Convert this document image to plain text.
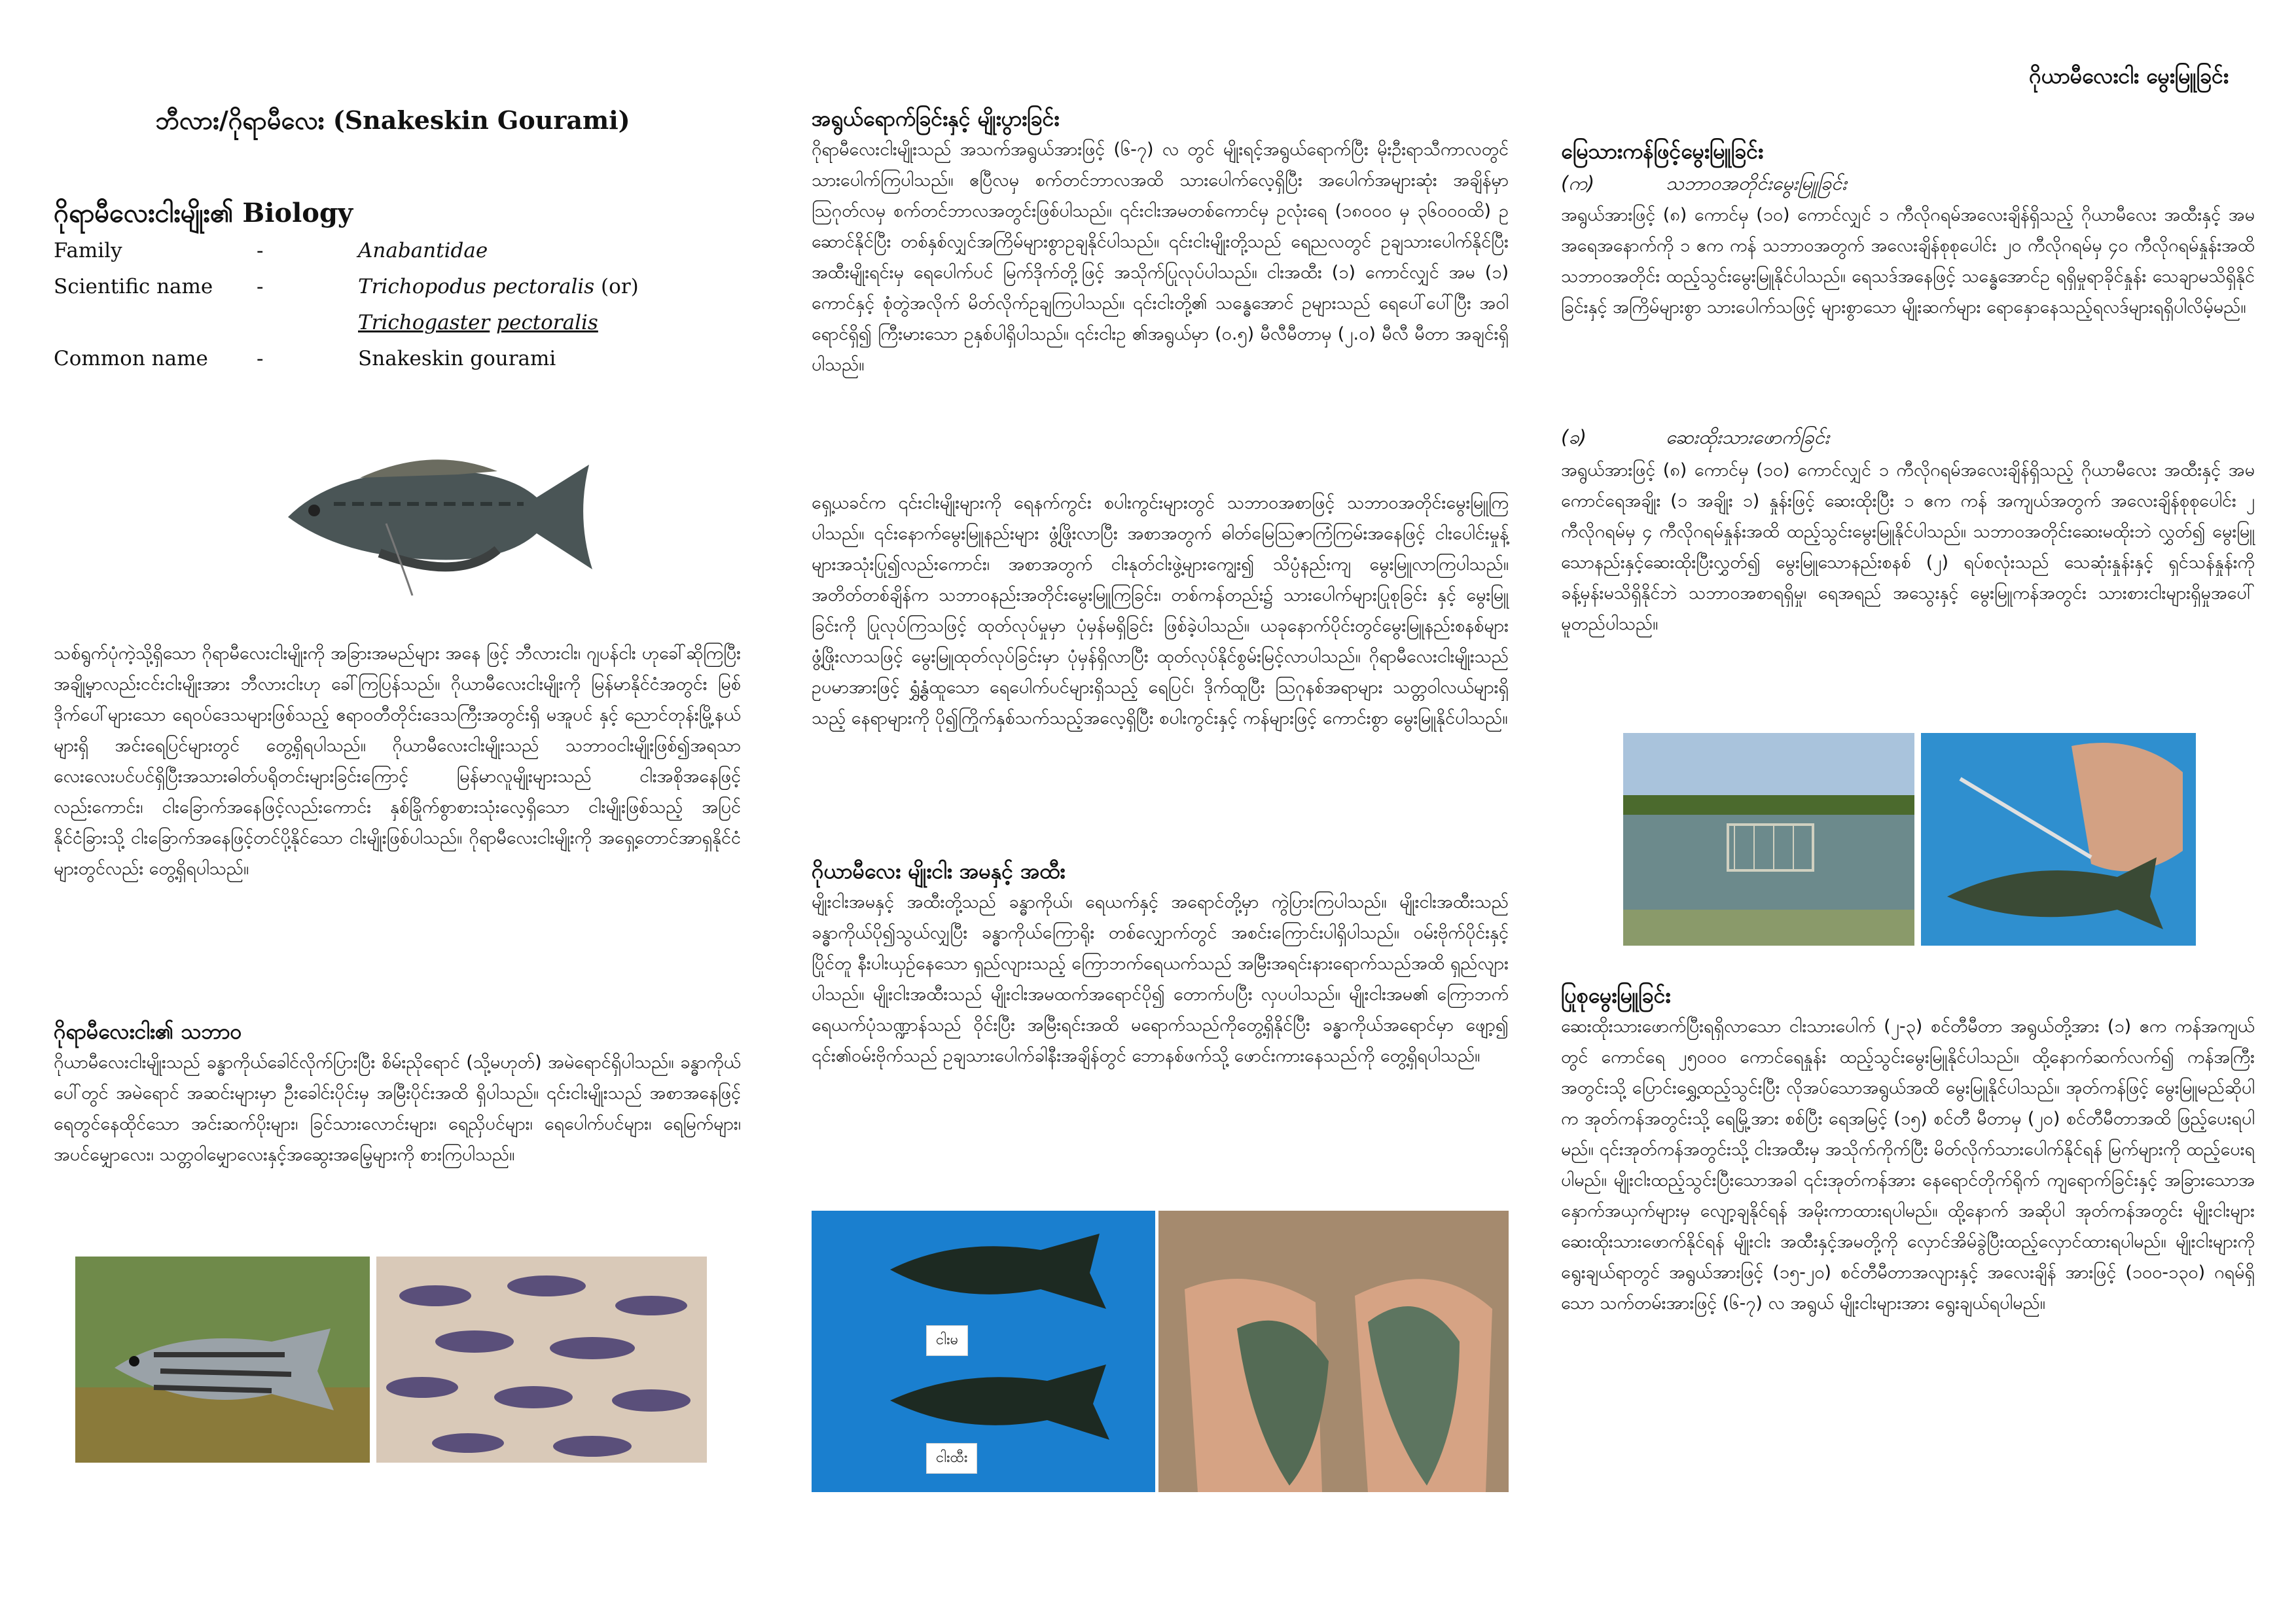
ဘီလား/ဂိုရာမီလေး (Snakeskin Gourami)
ဂိုရာမီလေးငါးမျိုး၏ Biology
Family	-	Anabantidae
Scientific name -	Trichopodus pectoralis (or)
Trichogaster pectoralis
Common name -	Snakeskin gourami

သစ်ရွက်ပုံကဲ့သို့ရှိသော ဂိုရာမီလေးငါးမျိုးကို အခြားအမည်များ အနေ ဖြင့် ဘီလားငါး၊ ဂျပန်ငါး ဟုခေါ်ဆိုကြပြီး အချို့မှာလည်းငင်းငါးမျိုးအား ဘီလားငါးဟု ခေါ်ကြပြန်သည်။ ဂိုယာမီလေးငါးမျိုးကို မြန်မာနိုင်ငံအတွင်း မြစ်ဒိုက်ပေါ်များသော ရေဝပ်ဒေသများဖြစ်သည့် ဧရာဝတီတိုင်းဒေသကြီးအတွင်းရှိ မအူပင် နှင့် ညောင်တုန်းမြို့နယ်များရှိ အင်းရေပြင်များတွင် တွေ့ရှိရပါသည်။ ဂိုယာမီလေးငါးမျိုးသည် သဘာဝငါးမျိုးဖြစ်၍အရသာလေးလေးပင်ပင်ရှိပြီးအသားဓါတ်ပရိုတင်းများခြင်းကြောင့် မြန်မာလူမျိုးများသည် ငါးအစိုအနေဖြင့်လည်းကောင်း၊ ငါးခြောက်အနေဖြင့်လည်းကောင်း နှစ်ခြိုက်စွာစားသုံးလေ့ရှိသော ငါးမျိုးဖြစ်သည့် အပြင် နိုင်ငံခြားသို့ ငါးခြောက်အနေဖြင့်တင်ပို့နိုင်သော ငါးမျိုးဖြစ်ပါသည်။ ဂိုရာမီလေးငါးမျိုးကို အရှေ့တောင်အာရှနိုင်ငံများတွင်လည်း တွေ့ရှိရပါသည်။

ဂိုရာမီလေးငါး၏ သဘာဝ

ဂိုယာမီလေးငါးမျိုးသည် ခန္ဓာကိုယ်ခေါင်လိုက်ပြားပြီး စိမ်းညိုရောင် (သို့မဟုတ်) အမဲရောင်ရှိပါသည်။ ခန္ဓာကိုယ်ပေါ်တွင် အမဲရောင် အဆင်းများမှာ ဦးခေါင်းပိုင်းမှ အမြီးပိုင်းအထိ ရှိပါသည်။ ၎င်းငါးမျိုးသည် အစာအနေဖြင့် ရေတွင်နေထိုင်သော အင်းဆက်ပိုးများ၊ ခြင်သားလောင်းများ၊ ရေညှိပင်များ၊ ရေပေါက်ပင်များ၊ ရေမြက်များ၊ အပင်မျှောလေး၊ သတ္တဝါမျှောလေးနှင့်အဆွေးအမြေ့များကို စားကြပါသည်။

အရွယ်ရောက်ခြင်းနှင့် မျိုးပွားခြင်း

ဂိုရာမီလေးငါးမျိုးသည် အသက်အရွယ်အားဖြင့် (၆-၇) လ တွင် မျိုးရင့်အရွယ်ရောက်ပြီး မိုးဦးရာသီကာလတွင် သားပေါက်ကြပါသည်။ ဧပြီလမှ စက်တင်ဘာလအထိ သားပေါက်လေ့ရှိပြီး အပေါက်အများဆုံး အချိန်မှာ ဩဂုတ်လမှ စက်တင်ဘာလအတွင်းဖြစ်ပါသည်။ ၎င်းငါးအမတစ်ကောင်မှ ဥလုံးရေ (၁၈၀၀၀ မှ ၃၆၀၀၀ထိ) ဥဆောင်နိုင်ပြီး တစ်နှစ်လျှင်အကြိမ်များစွာဥချနိုင်ပါသည်။ ၎င်းငါးမျိုးတို့သည် ရေညလတွင် ဥချသားပေါက်နိုင်ပြီး အထီးမျိုးရင်းမှ ရေပေါက်ပင် မြက်ဒိုက်တို့ဖြင့် အသိုက်ပြုလုပ်ပါသည်။ ငါးအထီး (၁) ကောင်လျှင် အမ (၁) ကောင်နှင့် စုံတွဲအလိုက် မိတ်လိုက်ဥချကြပါသည်။ ၎င်းငါးတို့၏ သန္ဓေအောင် ဥများသည် ရေပေါ်ပေါ်ပြီး အဝါရောင်ရှိ၍ ကြီးမားသော ဥနှစ်ပါရှိပါသည်။ ၎င်းငါးဥ ၏အရွယ်မှာ (၀.၅) မီလီမီတာမှ (၂.၀) မီလီ မီတာ အချင်းရှိပါသည်။

ရှေ့ယခင်က ၎င်းငါးမျိုးများကို ရေနက်ကွင်း စပါးကွင်းများတွင် သဘာဝအစာဖြင့် သဘာဝအတိုင်းမွေးမြူကြပါသည်။ ၎င်းနောက်မွေးမြူနည်းများ ဖွံ့ဖြိုးလာပြီး အစာအတွက် ဓါတ်မြေဩဇာကြံကြမ်းအနေဖြင့် ငါးပေါင်းမှုန့်များအသုံးပြု၍လည်းကောင်း၊ အစာအတွက် ငါးနုတ်ငါးဖွဲ့များကျွေး၍ သိပ္ပံနည်းကျ မွေးမြူလာကြပါသည်။ အတိတ်တစ်ချိန်က သဘာဝနည်းအတိုင်းမွေးမြူကြခြင်း၊ တစ်ကန်တည်း၌ သားပေါက်များပြုစုခြင်း နှင့် မွေးမြူခြင်းကို ပြုလုပ်ကြသဖြင့် ထုတ်လုပ်မှုမှာ ပုံမှန်မရှိခြင်း ဖြစ်ခဲ့ပါသည်။ ယခုနောက်ပိုင်းတွင်မွေးမြူနည်းစနစ်များဖွံ့ဖြိုးလာသဖြင့် မွေးမြူထုတ်လုပ်ခြင်းမှာ ပုံမှန်ရှိလာပြီး ထုတ်လုပ်နိုင်စွမ်းမြင့်လာပါသည်။ ဂိုရာမီလေးငါးမျိုးသည် ဥပမာအားဖြင့် ရွှံ့နွံထူသော ရေပေါက်ပင်များရှိသည့် ရေပြင်၊ ဒိုက်ထူပြီး သြဂုနစ်အရာများ သတ္တဝါလယ်များရှိသည့် နေရာများကို ပို၍ကြိုက်နှစ်သက်သည့်အလေ့ရှိပြီး စပါးကွင်းနှင့် ကန်များဖြင့် ကောင်းစွာ မွေးမြူနိုင်ပါသည်။

ဂိုယာမီလေး မျိုးငါး အမနှင့် အထီး

မျိုးငါးအမနှင့် အထီးတို့သည် ခန္ဓာကိုယ်၊ ရေယက်နှင့် အရောင်တို့မှာ ကွဲပြားကြပါသည်။ မျိုးငါးအထီးသည်ခန္ဓာကိုယ်ပို၍သွယ်လျှပြီး ခန္ဓာကိုယ်ကြောရိုး တစ်လျှောက်တွင် အစင်းကြောင်းပါရှိပါသည်။ ဝမ်းဗိုက်ပိုင်းနှင့် ပြိုင်တူ နီးပါးယှဉ်နေသော ရှည်လျားသည့် ကြောဘက်ရေယက်သည် အမြီးအရင်းနားရောက်သည်အထိ ရှည်လျားပါသည်။ မျိုးငါးအထီးသည် မျိုးငါးအမထက်အရောင်ပို၍ တောက်ပပြီး လှပပါသည်။ မျိုးငါးအမ၏ ကြောဘက်ရေယက်ပုံသဏ္ဍာန်သည် ဝိုင်းပြီး အမြီးရင်းအထိ မရောက်သည်ကိုတွေ့ရှိနိုင်ပြီး ခန္ဓာကိုယ်အရောင်မှာ ဖျော့၍ ၎င်း၏ဝမ်းဗိုက်သည် ဥချသားပေါက်ခါနီးအချိန်တွင် ဘောနစ်ဖက်သို့ ဖောင်းကားနေသည်ကို တွေ့ရှိရပါသည်။

ငါးမ
ငါးထီး
ဂိုယာမီလေးငါး မွေးမြူခြင်း
မြေသားကန်ဖြင့်မွေးမြူခြင်း
(က)	သဘာဝအတိုင်းမွေးမြူခြင်း

အရွယ်အားဖြင့် (၈) ကောင်မှ (၁၀) ကောင်လျှင် ၁ ကီလိုဂရမ်အလေးချိန်ရှိသည့် ဂိုယာမီလေး အထီးနှင့် အမ အရေအနောက်ကို ၁ ဧက ကန် သဘာဝအတွက် အလေးချိန်စုစုပေါင်း ၂၀ ကီလိုဂရမ်မှ ၄၀ ကီလိုဂရမ်နှုန်းအထိ သဘာဝအတိုင်း ထည့်သွင်းမွေးမြူနိုင်ပါသည်။ ရေသဒ်အနေဖြင့် သန္ဓေအောင်ဥ ရရှိမှုရာခိုင်နှုန်း သေချာမသိရှိနိုင်ခြင်းနှင့် အကြိမ်များစွာ သားပေါက်သဖြင့် များစွာသော မျိုးဆက်များ ရောနှောနေသည့်ရလဒ်များရရှိပါလိမ့်မည်။

(ခ)	ဆေးထိုးသားဖောက်ခြင်း

အရွယ်အားဖြင့် (၈) ကောင်မှ (၁၀) ကောင်လျှင် ၁ ကီလိုဂရမ်အလေးချိန်ရှိသည့် ဂိုယာမီလေး အထီးနှင့် အမ ကောင်ရေအချိုး (၁ အချိုး ၁) နှုန်းဖြင့် ဆေးထိုးပြီး ၁ ဧက ကန် အကျယ်အတွက် အလေးချိန်စုစုပေါင်း ၂ ကီလိုဂရမ်မှ ၄ ကီလိုဂရမ်နှုန်းအထိ ထည့်သွင်းမွေးမြူနိုင်ပါသည်။ သဘာဝအတိုင်းဆေးမထိုးဘဲ လွှတ်၍ မွေးမြူသောနည်းနှင့်ဆေးထိုးပြီးလွှတ်၍ မွေးမြူသောနည်းစနစ် (၂) ရပ်စလုံးသည် သေဆုံးနှုန်းနှင့် ရှင်သန်နှုန်းကို ခန့်မှန်းမသိရှိနိုင်ဘဲ သဘာဝအစာရရှိမှု၊ ရေအရည် အသွေးနှင့် မွေးမြူကန်အတွင်း သားစားငါးများရှိမှုအပေါ်မူတည်ပါသည်။

ပြုစုမွေးမြူခြင်း

ဆေးထိုးသားဖောက်ပြီးရရှိလာသော ငါးသားပေါက် (၂-၃) စင်တီမီတာ အရွယ်တို့အား (၁) ဧက ကန်အကျယ်တွင် ကောင်ရေ ၂၅၀၀၀ ကောင်ရေနှုန်း ထည့်သွင်းမွေးမြူနိုင်ပါသည်။ ထို့နောက်ဆက်လက်၍ ကန်အကြီးအတွင်းသို့ ပြောင်းရွှေ့ထည့်သွင်းပြီး လိုအပ်သောအရွယ်အထိ မွေးမြူနိုင်ပါသည်။ အုတ်ကန်ဖြင့် မွေးမြူမည်ဆိုပါက အုတ်ကန်အတွင်းသို့ ရေမြို့အား စစ်ပြီး ရေအမြင့် (၁၅) စင်တီ မီတာမှ (၂၀) စင်တီမီတာအထိ ဖြည့်ပေးရပါမည်။ ၎င်းအုတ်ကန်အတွင်းသို့ ငါးအထီးမှ အသိုက်ကိုက်ပြီး မိတ်လိုက်သားပေါက်နိုင်ရန် မြက်များကို ထည့်ပေးရပါမည်။ မျိုးငါးထည့်သွင်းပြီးသောအခါ ၎င်းအုတ်ကန်အား နေရောင်တိုက်ရိုက် ကျရောက်ခြင်းနှင့် အခြားသောအနှောက်အယှက်များမှ လျော့ချနိုင်ရန် အမိုးကာထားရပါမည်။ ထို့နောက် အဆိုပါ အုတ်ကန်အတွင်း မျိုးငါးများ ဆေးထိုးသားဖောက်နိုင်ရန် မျိုးငါး အထီးနှင့်အမတို့ကို လှောင်အိမ်ခွဲပြီးထည့်လှောင်ထားရပါမည်။ မျိုးငါးများကို ရွေးချယ်ရာတွင် အရွယ်အားဖြင့် (၁၅-၂၀) စင်တီမီတာအလျားနှင့် အလေးချိန် အားဖြင့် (၁၀၀-၁၃၀) ဂရမ်ရှိသော သက်တမ်းအားဖြင့် (၆-၇) လ အရွယ် မျိုးငါးများအား ရွေးချယ်ရပါမည်။
